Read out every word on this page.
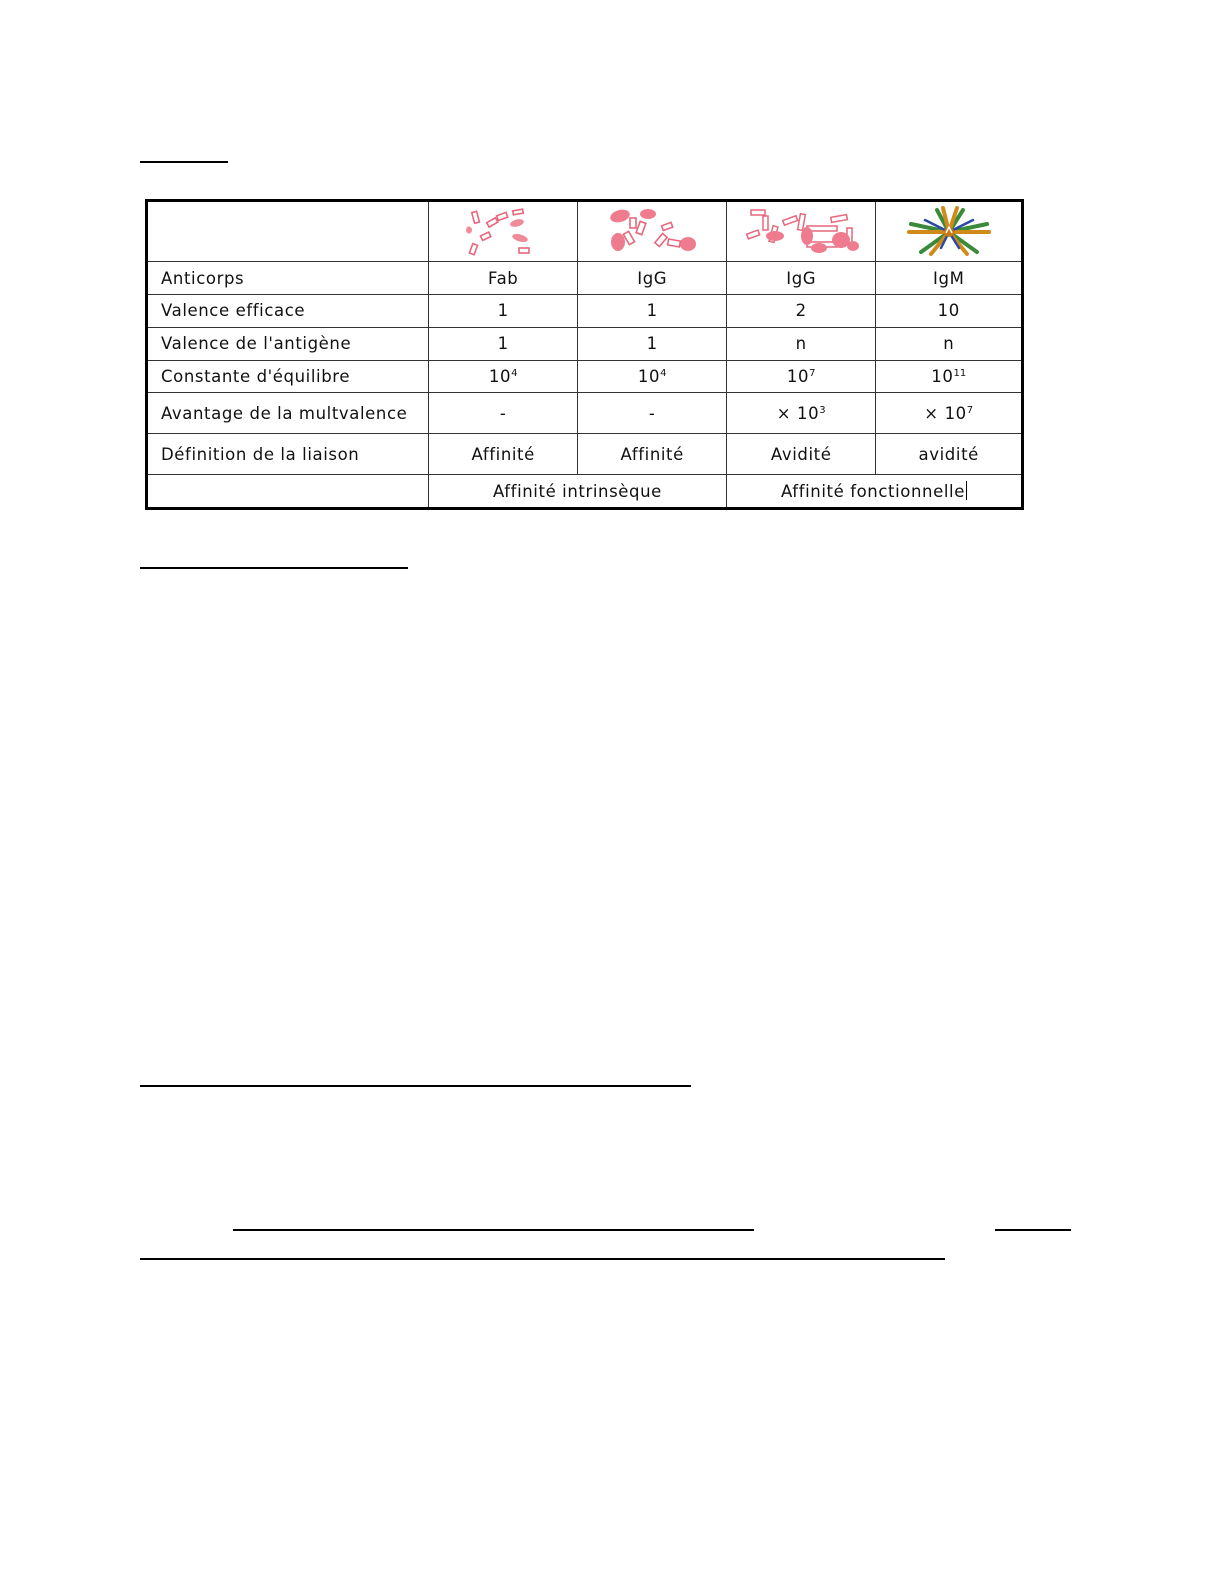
Anticorps	Fab	IgG	IgG	IgM
Valence efficace	1	1	2	10
Valence de l'antigène	1	1	n	n
Constante d'équilibre	$10^4$	$10^4$	$10^7$	$10^{11}$
Avantage de la multvalence	-	-	× $10^3$	× $10^7$
Définition de la liaison	Affinité	Affinité	Avidité	avidité
	Affinité intrinsèque		Affinité fonctionnelle	
